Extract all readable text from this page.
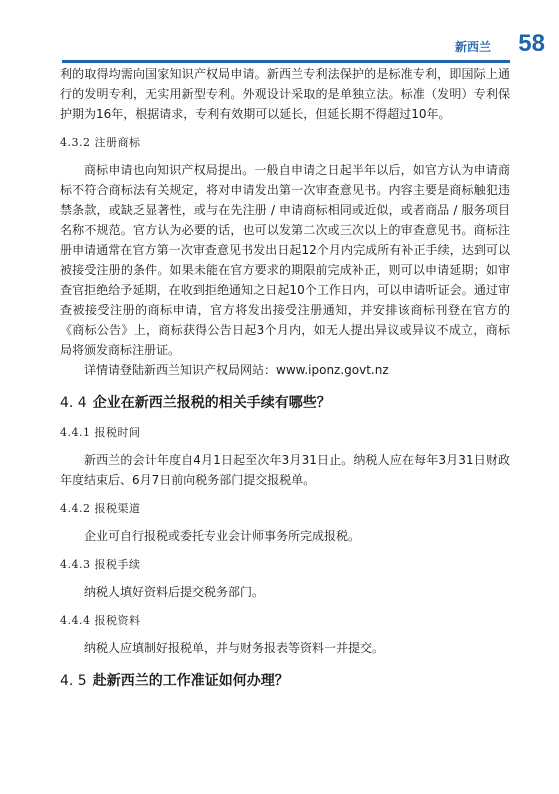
新西兰 58

利的取得均需向国家知识产权局申请。新西兰专利法保护的是标准专利，即国际上通行的发明专利，无实用新型专利。外观设计采取的是单独立法。标准（发明）专利保护期为16年，根据请求，专利有效期可以延长，但延长期不得超过10年。

4.3.2 注册商标

商标申请也向知识产权局提出。一般自申请之日起半年以后，如官方认为申请商标不符合商标法有关规定，将对申请发出第一次审查意见书。内容主要是商标触犯违禁条款，或缺乏显著性，或与在先注册 / 申请商标相同或近似，或者商品 / 服务项目名称不规范。官方认为必要的话，也可以发第二次或三次以上的审查意见书。商标注册申请通常在官方第一次审查意见书发出日起12个月内完成所有补正手续，达到可以被接受注册的条件。如果未能在官方要求的期限前完成补正，则可以申请延期；如审查官拒绝给予延期，在收到拒绝通知之日起10个工作日内，可以申请听证会。通过审查被接受注册的商标申请，官方将发出接受注册通知，并安排该商标刊登在官方的《商标公告》上，商标获得公告日起3个月内，如无人提出异议或异议不成立，商标局将颁发商标注册证。

详情请登陆新西兰知识产权局网站：www.iponz.govt.nz

4. 4 企业在新西兰报税的相关手续有哪些？
4.4.1 报税时间

新西兰的会计年度自4月1日起至次年3月31日止。纳税人应在每年3月31日财政年度结束后、6月7日前向税务部门提交报税单。

4.4.2 报税渠道

企业可自行报税或委托专业会计师事务所完成报税。

4.4.3 报税手续

纳税人填好资料后提交税务部门。

4.4.4 报税资料

纳税人应填制好报税单，并与财务报表等资料一并提交。

4. 5 赴新西兰的工作准证如何办理？
